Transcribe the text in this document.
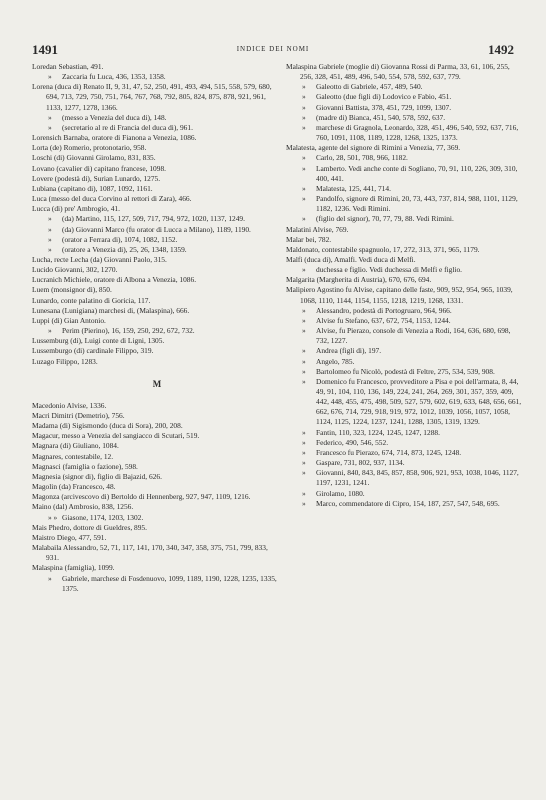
1491	INDICE DEI NOMI	1492
Loredan Sebastian, 491.
» Zaccaria fu Luca, 436, 1353, 1358.
Lorena (duca di) Renato II, 9, 31, 47, 52, 250, 491, 493, 494, 515, 558, 579, 680, 694, 713, 729, 750, 751, 764, 767, 768, 792, 805, 824, 875, 878, 921, 961, 1133, 1277, 1278, 1366.
» (messo a Venezia del duca di), 148.
» (secretario al re di Francia del duca di), 961.
Lorensich Barnaba, oratore di Fianona a Venezia, 1086.
Lorta (de) Romerio, protonotario, 958.
Loschi (di) Giovanni Girolamo, 831, 835.
Lovano (cavalier di) capitano francese, 1098.
Lovere (podestà di), Surian Lunardo, 1275.
Lubiana (capitano di), 1087, 1092, 1161.
Luca (messo del duca Corvino al rettori di Zara), 466.
Lucca (di) pre' Ambrogio, 41.
» (da) Martino, 115, 127, 509, 717, 794, 972, 1020, 1137, 1249.
» (da) Giovanni Marco (fu orator di Lucca a Milano), 1189, 1190.
» (orator a Ferrara di), 1074, 1082, 1152.
» (oratore a Venezia di), 25, 26, 1348, 1359.
Lucha, recte Lecha (da) Giovanni Paolo, 315.
Lucido Giovanni, 302, 1270.
Lucranich Michiele, oratore di Albona a Venezia, 1086.
Luem (monsignor di), 850.
Lunardo, conte palatino di Goricia, 117.
Lunesana (Lunigiana) marchesi di, (Malaspina), 666.
Luppi (di) Gian Antonio.
» Perim (Pierino), 16, 159, 250, 292, 672, 732.
Lussemburg (di), Luigi conte di Ligni, 1305.
Lussemburgo (di) cardinale Filippo, 319.
Luzago Filippo, 1283.
M
Macedonio Alvise, 1336.
Macri Dimitri (Demetrio), 756.
Madama (di) Sigismondo (duca di Sora), 200, 208.
Magacur, messo a Venezia del sangiacco di Scutari, 519.
Magnara (di) Giuliano, 1084.
Magnares, contestabile, 12.
Magnasci (famiglia o fazione), 598.
Magnesia (signor di), figlio di Bajazid, 626.
Magolin (da) Francesco, 48.
Magonza (arcivescovo di) Bertoldo di Hennenberg, 927, 947, 1109, 1216.
Maino (dal) Ambrosio, 838, 1256.
» » Giasone, 1174, 1203, 1302.
Mais Phedro, dottore di Gueldres, 895.
Maistro Diego, 477, 591.
Malabaila Alessandro, 52, 71, 117, 141, 170, 340, 347, 358, 375, 751, 799, 833, 931.
Malaspina (famiglia), 1099.
» Gabriele, marchese di Fosdenuovo, 1099, 1189, 1190, 1228, 1235, 1335, 1375.
Malaspina Gabriele (moglie di) Giovanna Rossi di Parma, 33, 61, 106, 255, 256, 328, 451, 489, 496, 540, 554, 578, 592, 637, 779.
» Galeotto di Gabriele, 457, 489, 540.
» Galeotto (due figli di) Lodovico e Fabio, 451.
» Giovanni Battista, 378, 451, 729, 1099, 1307.
» (madre di) Bianca, 451, 540, 578, 592, 637.
» marchese di Gragnola, Leonardo, 328, 451, 496, 540, 592, 637, 716, 760, 1091, 1108, 1189, 1228, 1268, 1325, 1373.
Malatesta, agente del signore di Rimini a Venezia, 77, 369.
» Carlo, 28, 501, 708, 966, 1182.
» Lamberto. Vedi anche conte di Sogliano, 70, 91, 110, 226, 309, 310, 400, 441.
» Malatesta, 125, 441, 714.
» Pandolfo, signore di Rimini, 20, 73, 443, 737, 814, 988, 1101, 1129, 1182, 1236. Vedi Rimini.
» (figlio del signor), 70, 77, 79, 88. Vedi Rimini.
Malatini Alvise, 769.
Malar bei, 782.
Maldonato, contestabile spagnuolo, 17, 272, 313, 371, 965, 1179.
Malfi (duca di), Amalfi. Vedi duca di Melfi.
» duchessa e figlio. Vedi duchessa di Melfi e figlio.
Malgarita (Margherita di Austria), 670, 676, 694.
Malipiero Agostino fu Alvise, capitano delle faste, 909, 952, 954, 965, 1039, 1068, 1110, 1144, 1154, 1155, 1218, 1219, 1268, 1331.
» Alessandro, podestà di Portogruaro, 964, 966.
» Alvise fu Stefano, 637, 672, 754, 1153, 1244.
» Alvise, fu Pierazo, console di Venezia a Rodi, 164, 636, 680, 698, 732, 1227.
» Andrea (figli di), 197.
» Angelo, 785.
» Bartolomeo fu Nicolò, podestà di Feltre, 275, 534, 539, 908.
» Domenico fu Francesco, provveditore a Pisa e poi dell'armata, 8, 44, 49, 91, 104, 110, 136, 149, 224, 241, 264, 269, 301, 357, 359, 409, 442, 448, 455, 475, 498, 509, 527, 579, 602, 619, 633, 648, 656, 661, 662, 676, 714, 729, 918, 919, 972, 1012, 1039, 1056, 1057, 1058, 1124, 1125, 1224, 1237, 1241, 1288, 1305, 1319, 1329.
» Fantin, 110, 323, 1224, 1245, 1247, 1288.
» Federico, 490, 546, 552.
» Francesco fu Pierazo, 674, 714, 873, 1245, 1248.
» Gaspare, 731, 802, 937, 1134.
» Giovanni, 840, 843, 845, 857, 858, 906, 921, 953, 1038, 1046, 1127, 1197, 1231, 1241.
» Girolamo, 1080.
» Marco, commendatore di Cipro, 154, 187, 257, 547, 548, 695.
